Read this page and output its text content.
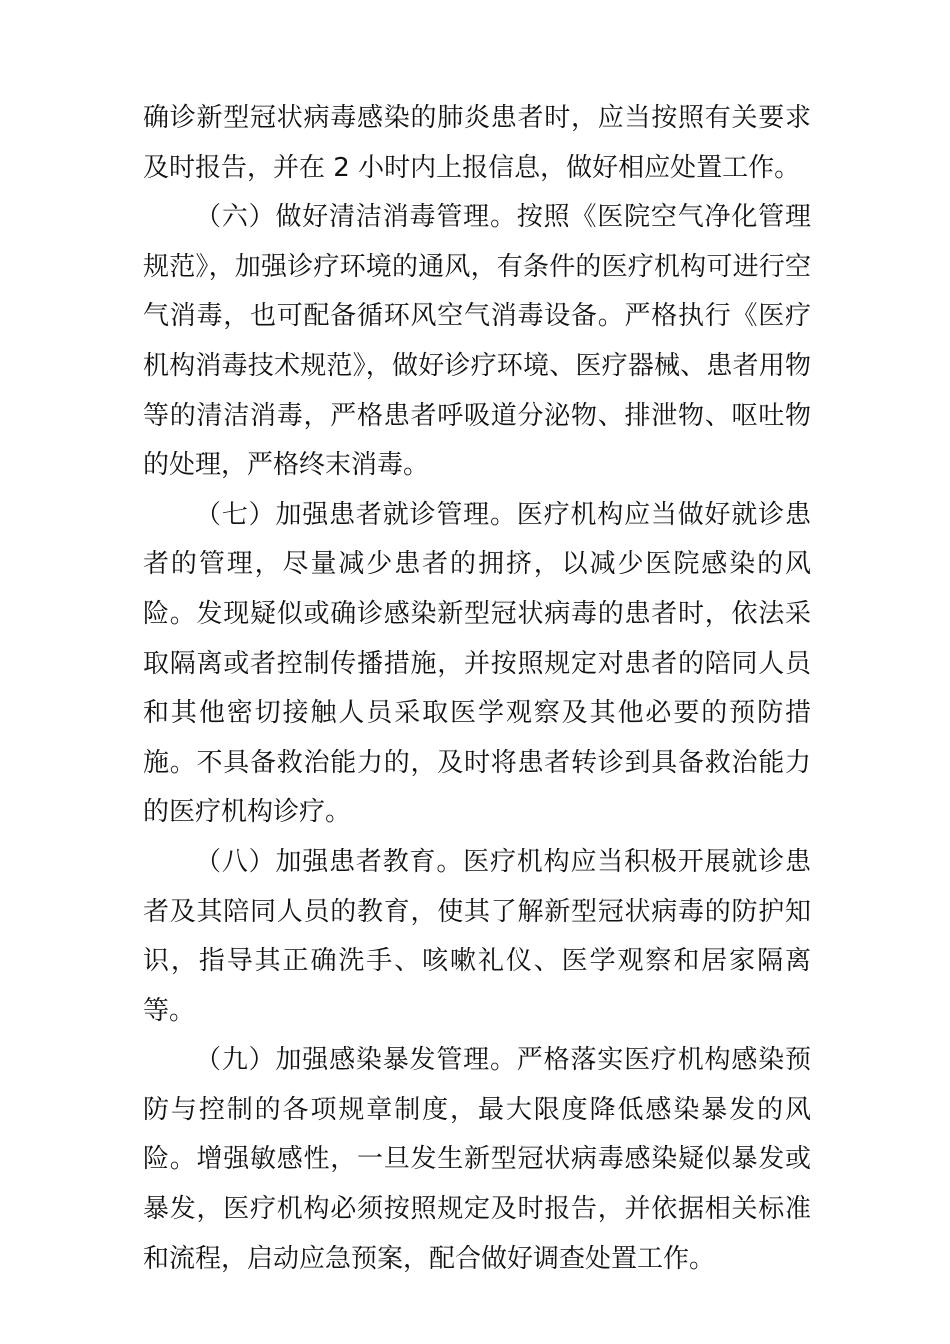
确诊新型冠状病毒感染的肺炎患者时，应当按照有关要求及时报告，并在 2 小时内上报信息，做好相应处置工作。

（六）做好清洁消毒管理。按照《医院空气净化管理规范》，加强诊疗环境的通风，有条件的医疗机构可进行空气消毒，也可配备循环风空气消毒设备。严格执行《医疗机构消毒技术规范》，做好诊疗环境、医疗器械、患者用物等的清洁消毒，严格患者呼吸道分泌物、排泄物、呕吐物的处理，严格终末消毒。

（七）加强患者就诊管理。医疗机构应当做好就诊患者的管理，尽量减少患者的拥挤，以减少医院感染的风险。发现疑似或确诊感染新型冠状病毒的患者时，依法采取隔离或者控制传播措施，并按照规定对患者的陪同人员和其他密切接触人员采取医学观察及其他必要的预防措施。不具备救治能力的，及时将患者转诊到具备救治能力的医疗机构诊疗。

（八）加强患者教育。医疗机构应当积极开展就诊患者及其陪同人员的教育，使其了解新型冠状病毒的防护知识，指导其正确洗手、咳嗽礼仪、医学观察和居家隔离等。

（九）加强感染暴发管理。严格落实医疗机构感染预防与控制的各项规章制度，最大限度降低感染暴发的风险。增强敏感性，一旦发生新型冠状病毒感染疑似暴发或暴发，医疗机构必须按照规定及时报告，并依据相关标准和流程，启动应急预案，配合做好调查处置工作。
